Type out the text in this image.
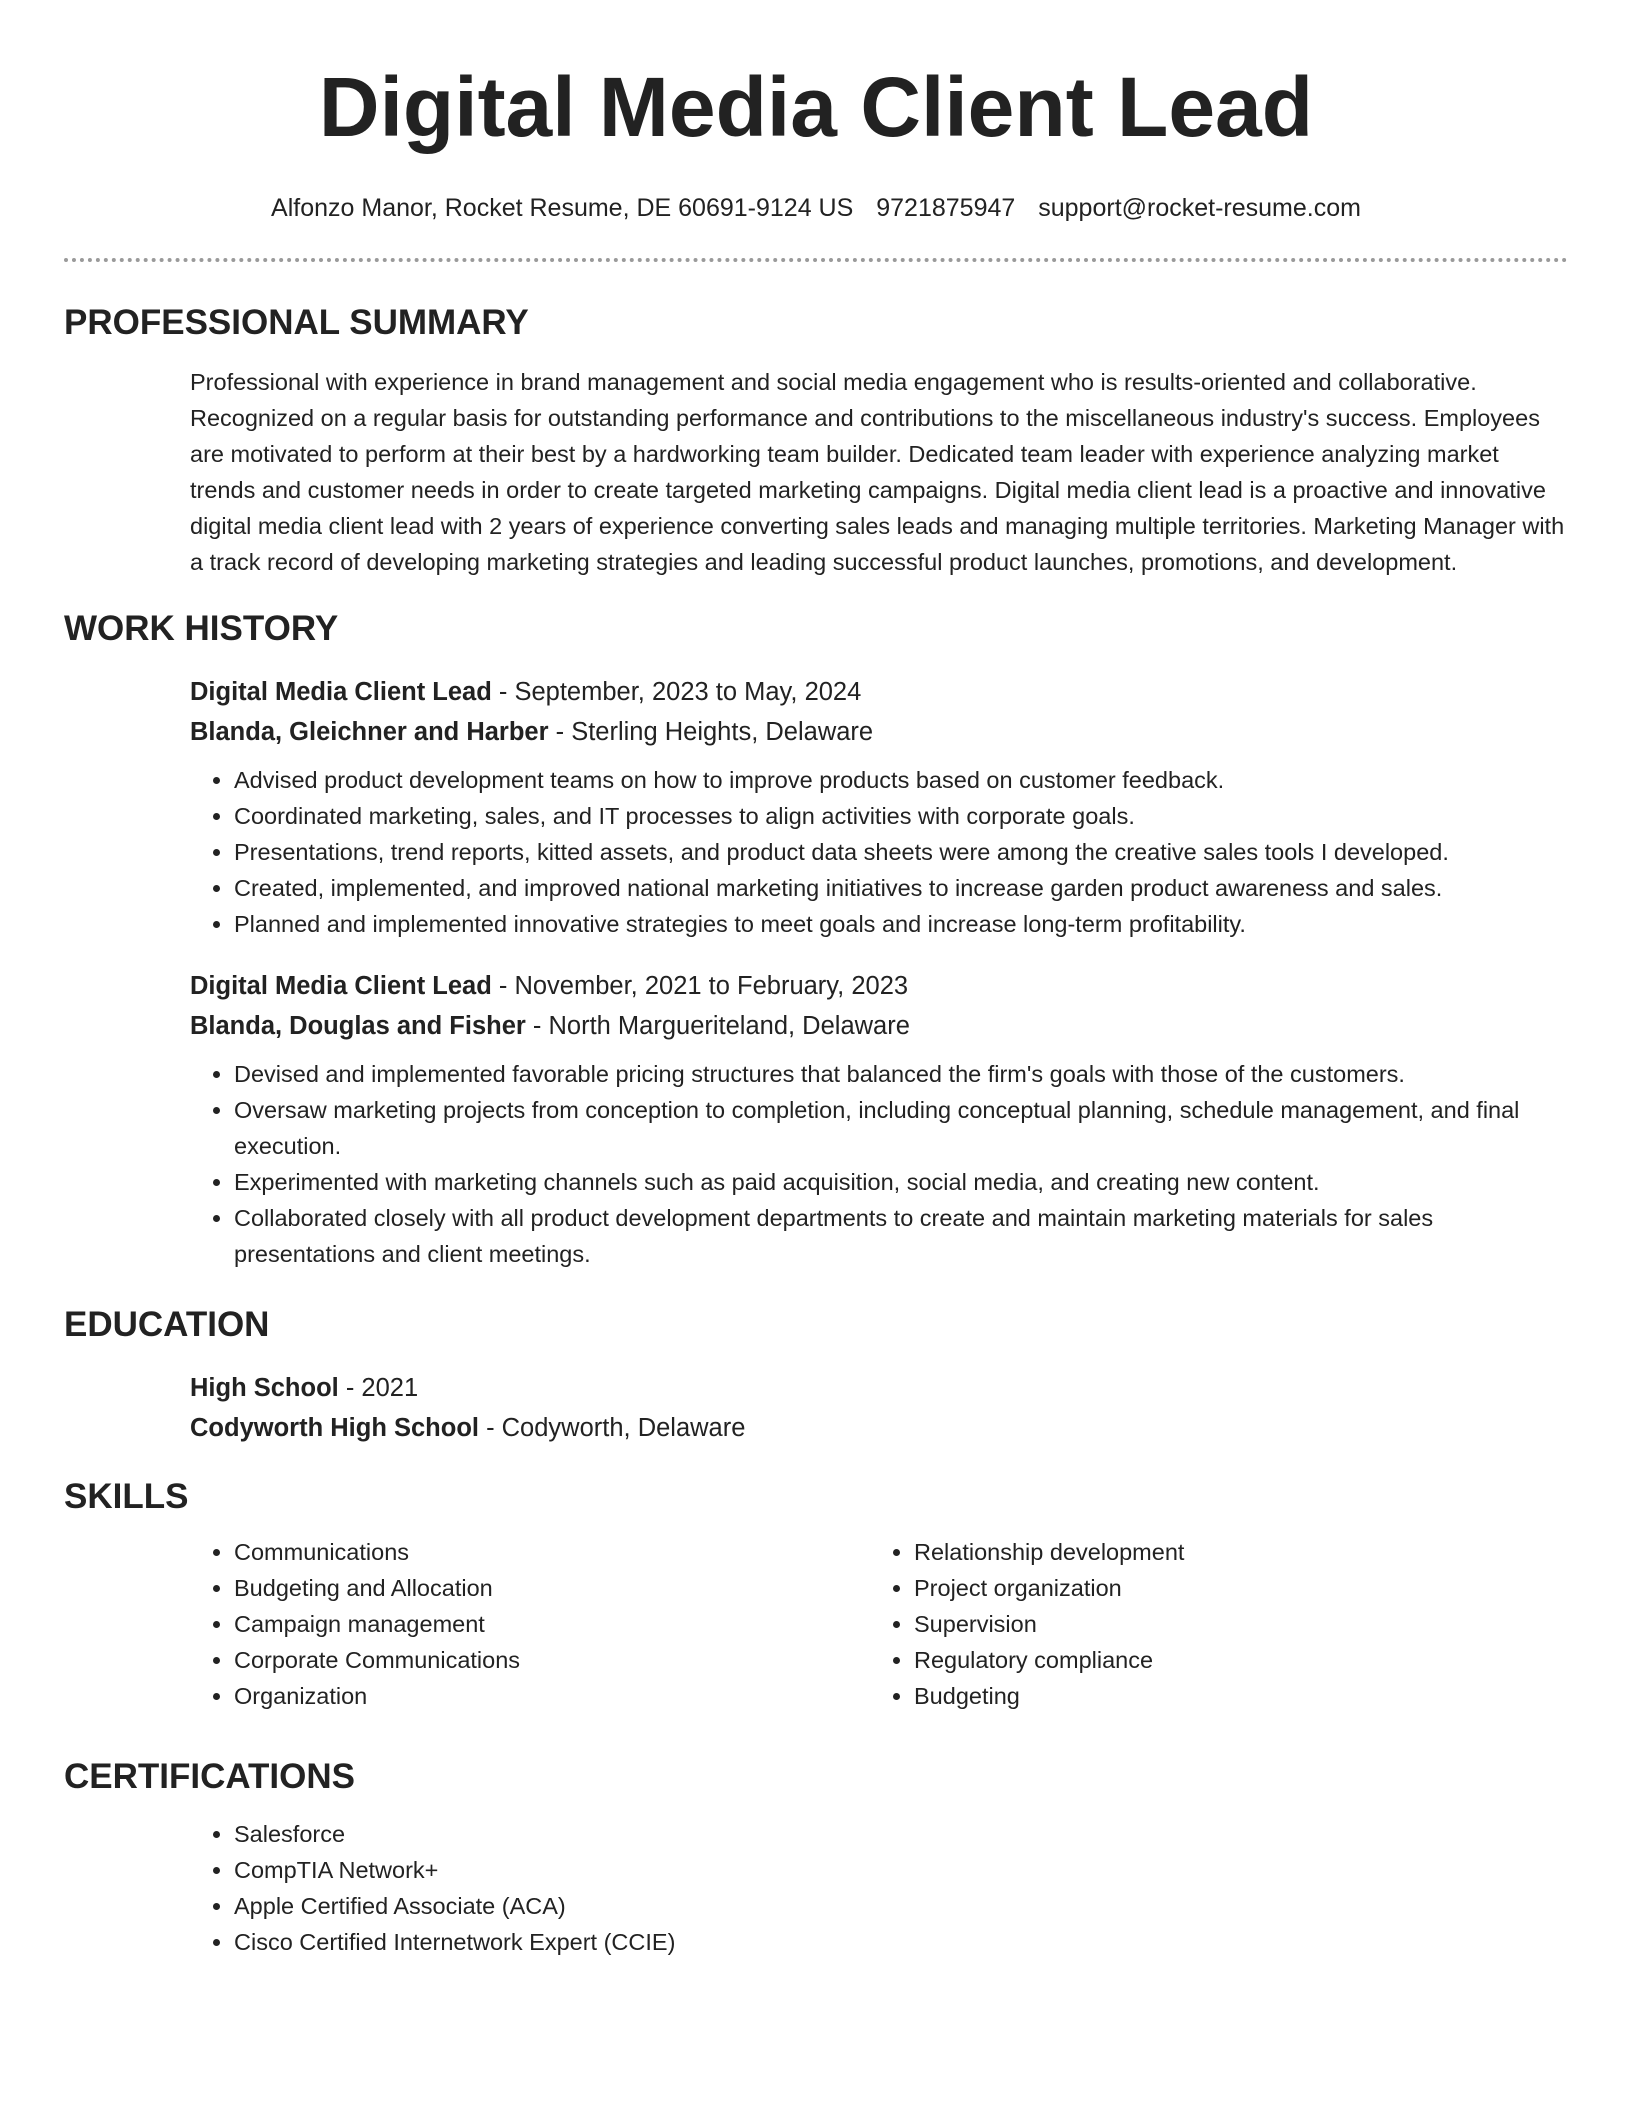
Digital Media Client Lead
Alfonzo Manor, Rocket Resume, DE 60691-9124 US 9721875947 support@rocket-resume.com
PROFESSIONAL SUMMARY
Professional with experience in brand management and social media engagement who is results-oriented and collaborative. Recognized on a regular basis for outstanding performance and contributions to the miscellaneous industry's success. Employees are motivated to perform at their best by a hardworking team builder. Dedicated team leader with experience analyzing market trends and customer needs in order to create targeted marketing campaigns. Digital media client lead is a proactive and innovative digital media client lead with 2 years of experience converting sales leads and managing multiple territories. Marketing Manager with a track record of developing marketing strategies and leading successful product launches, promotions, and development.
WORK HISTORY
Digital Media Client Lead - September, 2023 to May, 2024
Blanda, Gleichner and Harber - Sterling Heights, Delaware
• Advised product development teams on how to improve products based on customer feedback.
• Coordinated marketing, sales, and IT processes to align activities with corporate goals.
• Presentations, trend reports, kitted assets, and product data sheets were among the creative sales tools I developed.
• Created, implemented, and improved national marketing initiatives to increase garden product awareness and sales.
• Planned and implemented innovative strategies to meet goals and increase long-term profitability.
Digital Media Client Lead - November, 2021 to February, 2023
Blanda, Douglas and Fisher - North Margueriteland, Delaware
• Devised and implemented favorable pricing structures that balanced the firm's goals with those of the customers.
• Oversaw marketing projects from conception to completion, including conceptual planning, schedule management, and final execution.
• Experimented with marketing channels such as paid acquisition, social media, and creating new content.
• Collaborated closely with all product development departments to create and maintain marketing materials for sales presentations and client meetings.
EDUCATION
High School - 2021
Codyworth High School - Codyworth, Delaware
SKILLS
• Communications
• Budgeting and Allocation
• Campaign management
• Corporate Communications
• Organization
• Relationship development
• Project organization
• Supervision
• Regulatory compliance
• Budgeting
CERTIFICATIONS
• Salesforce
• CompTIA Network+
• Apple Certified Associate (ACA)
• Cisco Certified Internetwork Expert (CCIE)
